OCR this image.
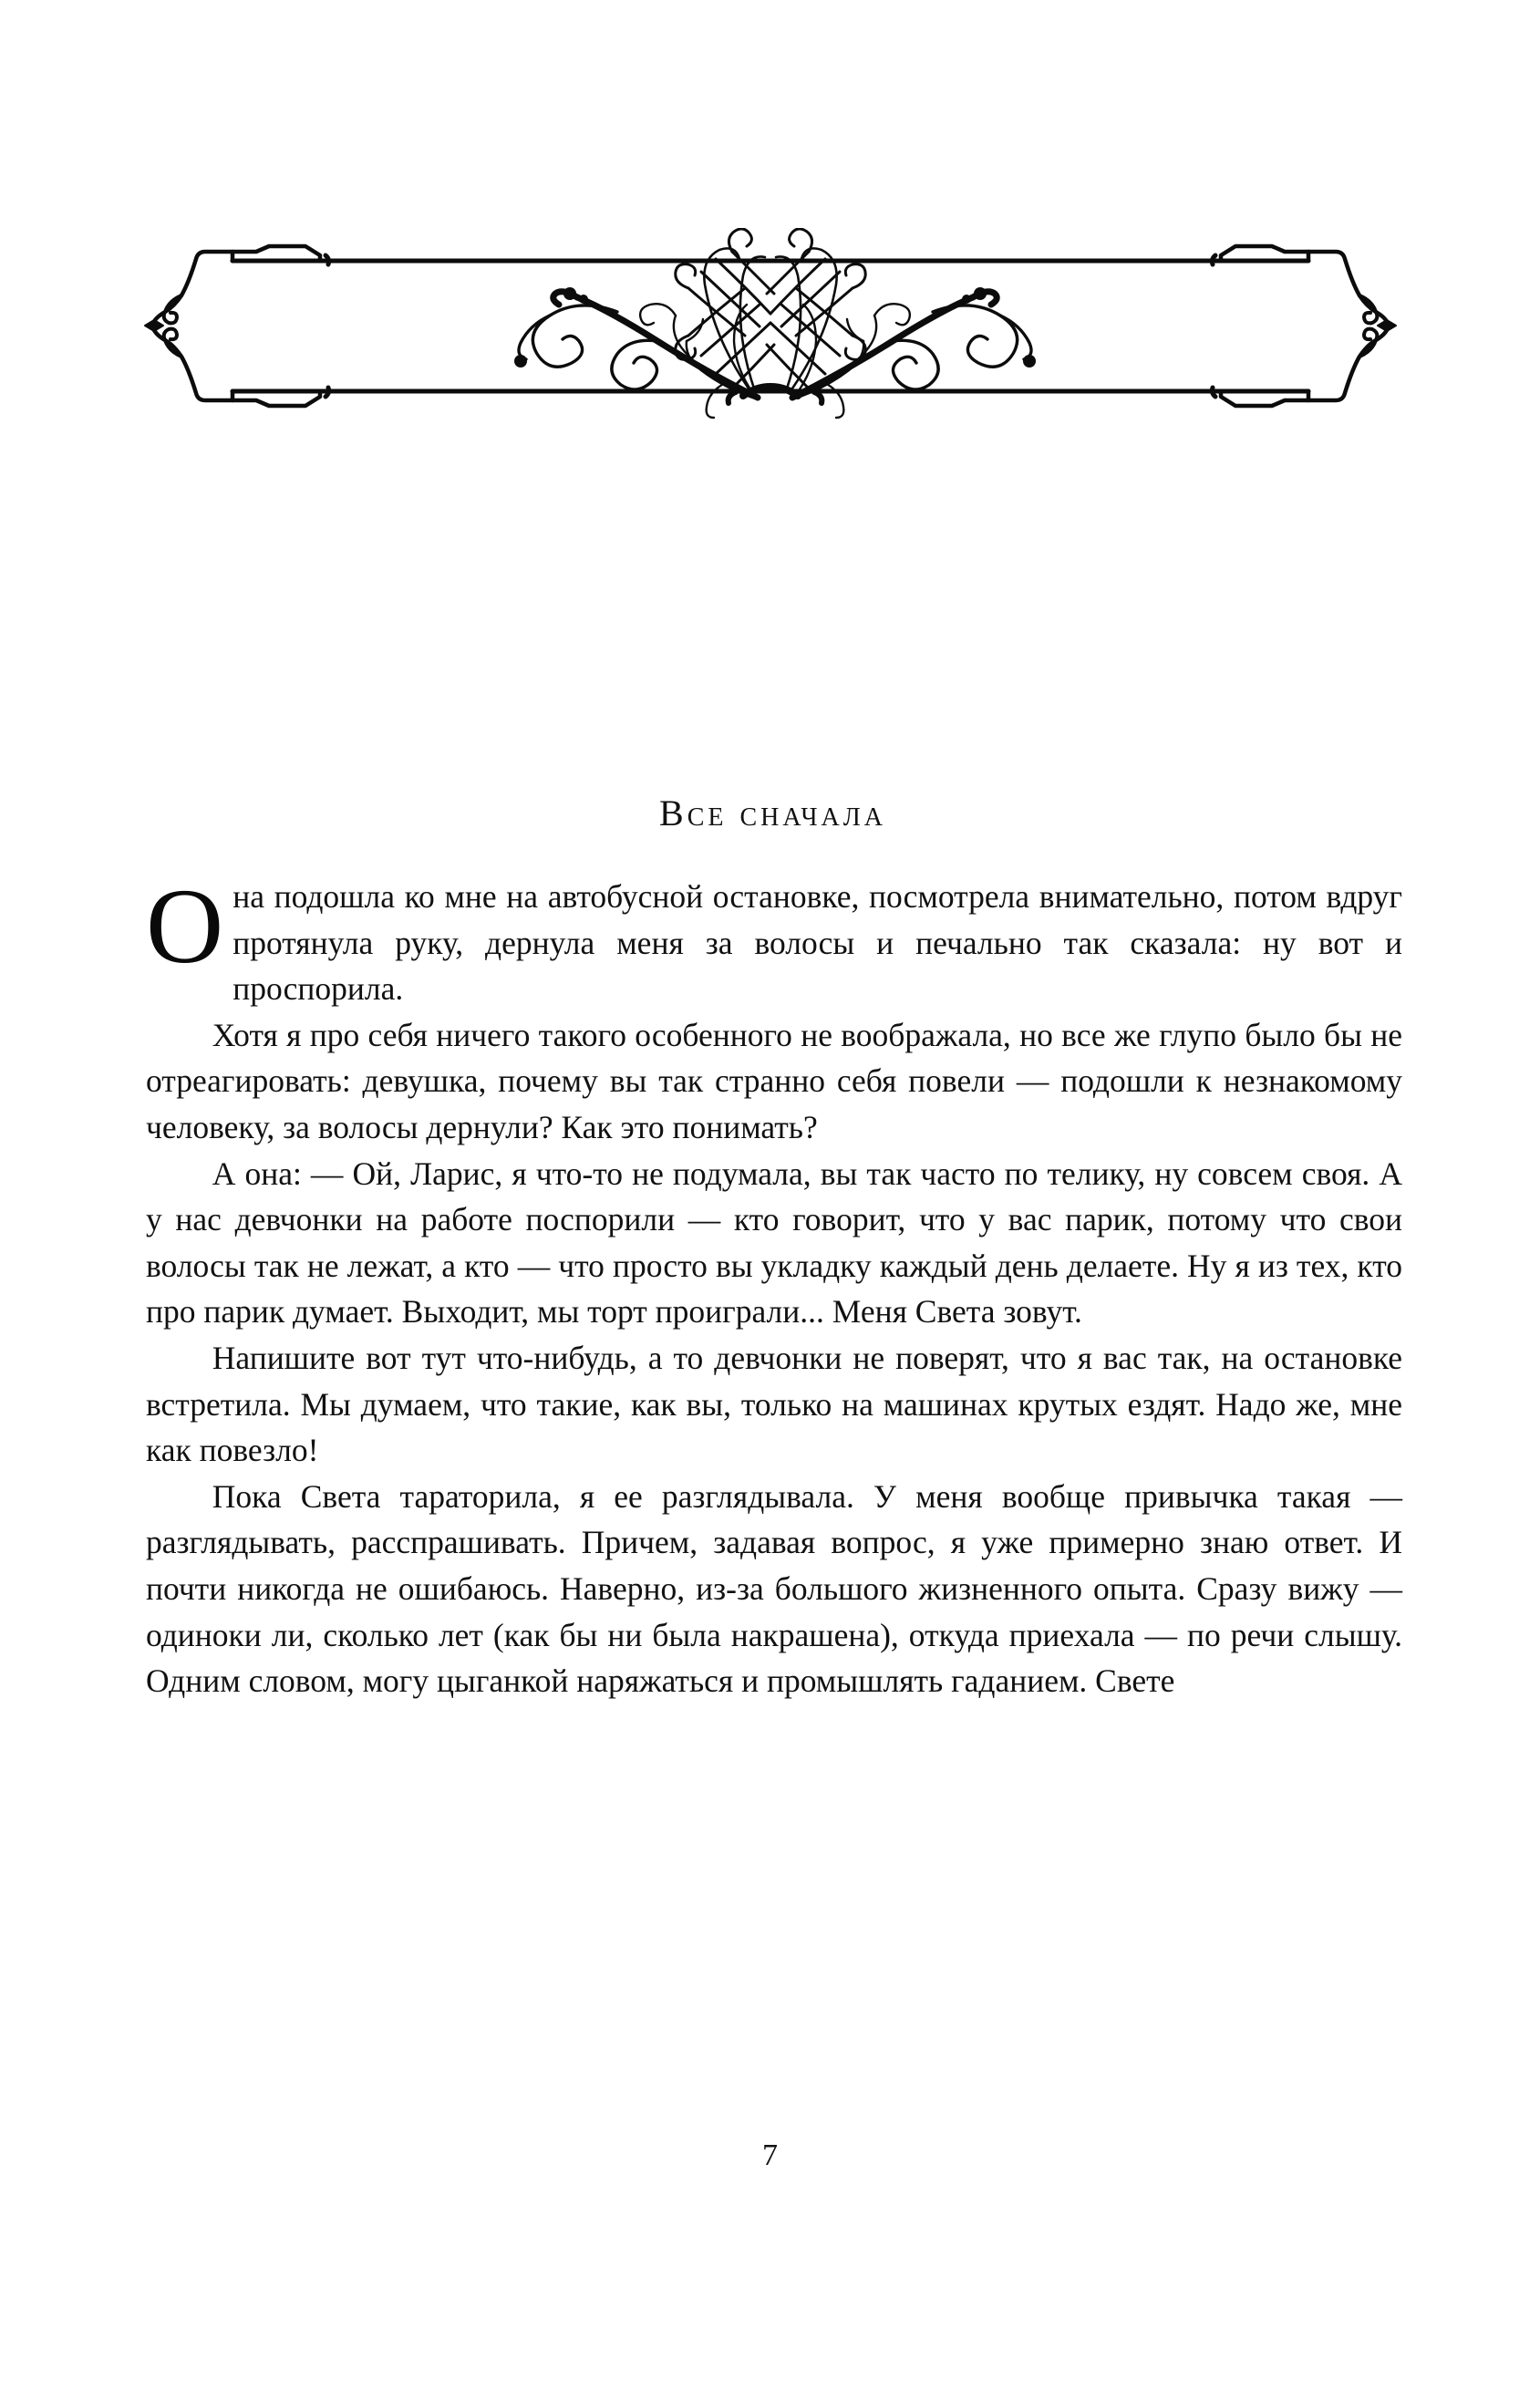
Все сначала

Она подошла ко мне на автобусной остановке, посмотрела внимательно, потом вдруг протянула руку, дернула меня за волосы и печально так сказала: ну вот и проспорила.

Хотя я про себя ничего такого особенного не воображала, но все же глупо было бы не отреагировать: девушка, почему вы так странно себя повели — подошли к незнакомому человеку, за волосы дернули? Как это понимать?

А она: — Ой, Ларис, я что-то не подумала, вы так часто по телику, ну совсем своя. А у нас девчонки на работе поспорили — кто говорит, что у вас парик, потому что свои волосы так не лежат, а кто — что просто вы укладку каждый день делаете. Ну я из тех, кто про парик думает. Выходит, мы торт проиграли... Меня Света зовут.

Напишите вот тут что-нибудь, а то девчонки не поверят, что я вас так, на остановке встретила. Мы думаем, что такие, как вы, только на машинах крутых ездят. Надо же, мне как повезло!

Пока Света тараторила, я ее разглядывала. У меня вообще привычка такая — разглядывать, расспрашивать. Причем, задавая вопрос, я уже примерно знаю ответ. И почти никогда не ошибаюсь. Наверно, из-за большого жизненного опыта. Сразу вижу — одиноки ли, сколько лет (как бы ни была накрашена), откуда приехала — по речи слышу. Одним словом, могу цыганкой наряжаться и промышлять гаданием. Свете

7
